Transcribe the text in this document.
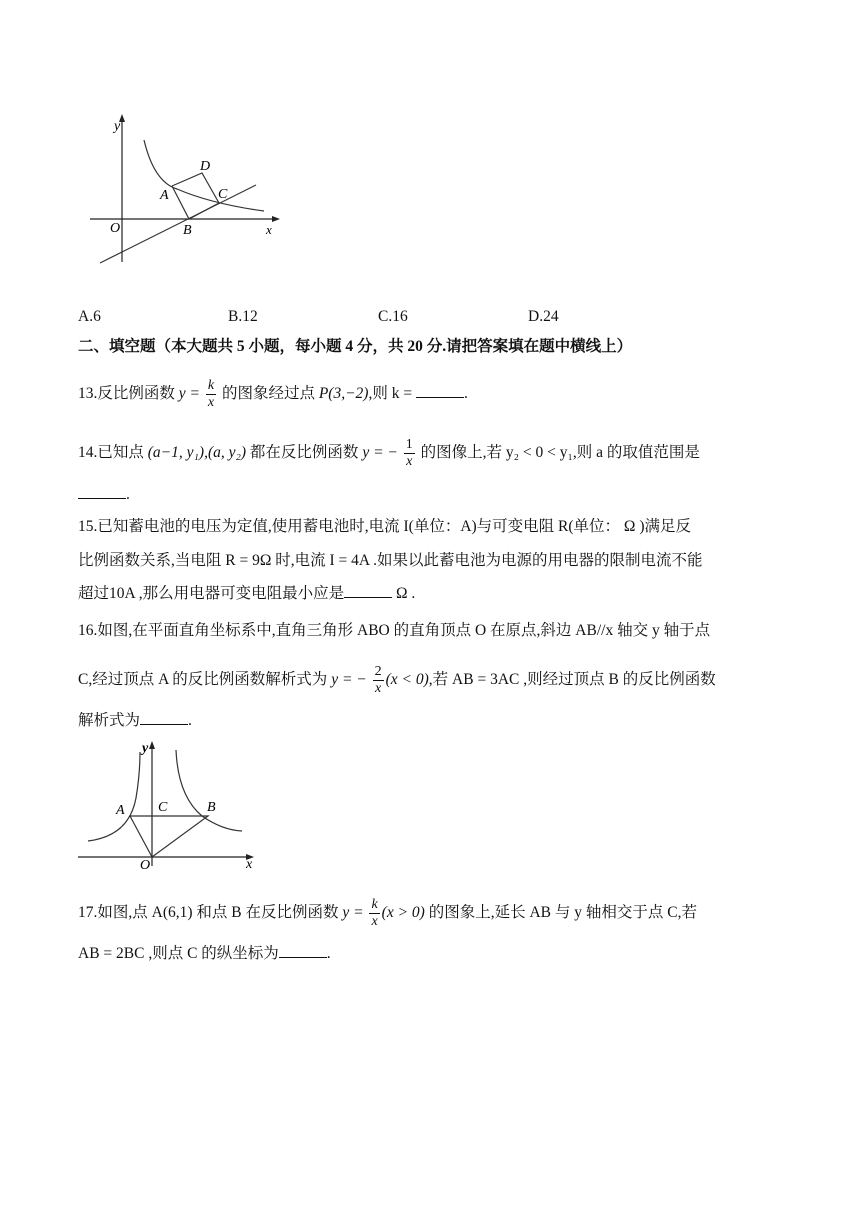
y
x
O
A
B
C
D
A.6	B.12	C.16	D.24
二、填空题（本大题共 5 小题，每小题 4 分，共 20 分.请把答案填在题中横线上）
13.反比例函数 $y = \frac{k}{x}$ 的图象经过点 P(3,−2),则 k =	.
14.已知点 (a−1, y₁),(a, y₂) 都在反比例函数 y = − $\frac{1}{x}$ 的图像上,若 y₂ < 0 < y₁,则 a 的取值范围是
.
15.已知蓄电池的电压为定值,使用蓄电池时,电流 I(单位：A)与可变电阻 R(单位： Ω )满足反
比例函数关系,当电阻 R = 9Ω 时,电流 I = 4A .如果以此蓄电池为电源的用电器的限制电流不能
超过10A ,那么用电器可变电阻最小应是	Ω .
16.如图,在平面直角坐标系中,直角三角形 ABO 的直角顶点 O 在原点,斜边 AB//x 轴交 y 轴于点
C,经过顶点 A 的反比例函数解析式为 y = − $\frac{2}{x} (x < 0)$,若 AB = 3AC ,则经过顶点 B 的反比例函数
解析式为	.
y
x
O
A C	B
17.如图,点 A(6,1) 和点 B 在反比例函数 $y = \frac{k}{x} (x > 0)$ 的图象上,延长 AB 与 y 轴相交于点 C,若
AB = 2BC ,则点 C 的纵坐标为	.
